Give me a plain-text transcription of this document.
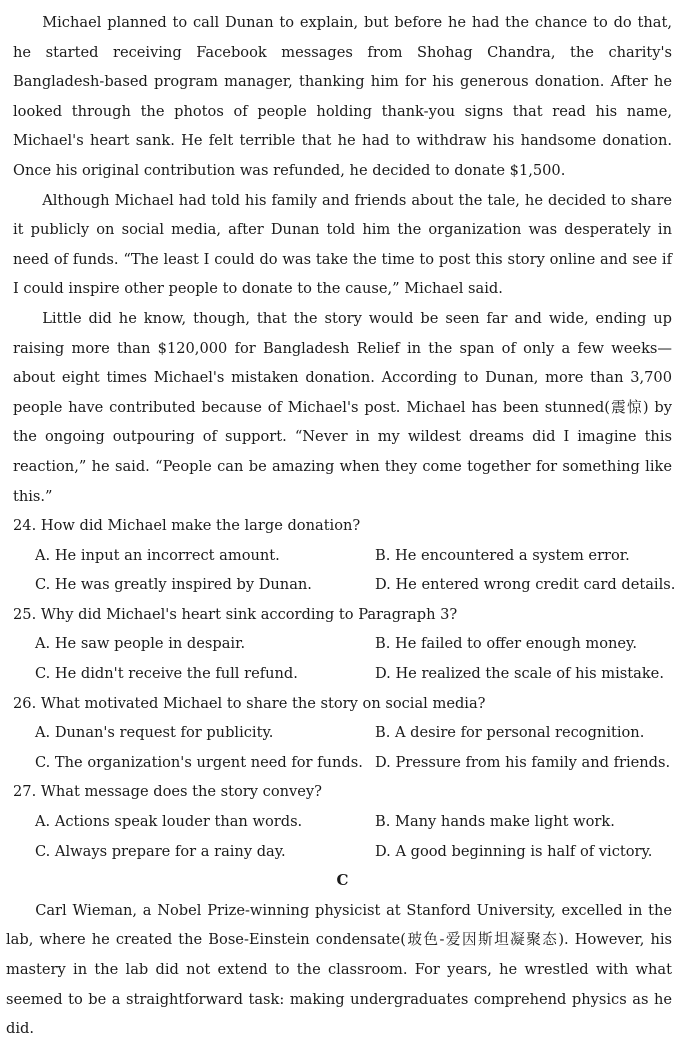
Michael planned to call Dunan to explain, but before he had the chance to do that, he started receiving Facebook messages from Shohag Chandra, the charity's Bangladesh-based program manager, thanking him for his generous donation. After he looked through the photos of people holding thank-you signs that read his name, Michael's heart sank. He felt terrible that he had to withdraw his handsome donation. Once his original contribution was refunded, he decided to donate $1,500.

Although Michael had told his family and friends about the tale, he decided to share it publicly on social media, after Dunan told him the organization was desperately in need of funds. “The least I could do was take the time to post this story online and see if I could inspire other people to donate to the cause,” Michael said.

Little did he know, though, that the story would be seen far and wide, ending up raising more than $120,000 for Bangladesh Relief in the span of only a few weeks—about eight times Michael's mistaken donation. According to Dunan, more than 3,700 people have contributed because of Michael's post. Michael has been stunned(震惊) by the ongoing outpouring of support. “Never in my wildest dreams did I imagine this reaction,” he said. “People can be amazing when they come together for something like this.”

24. How did Michael make the large donation?

A. He input an incorrect amount.	B. He encountered a system error.
C. He was greatly inspired by Dunan.	D. He entered wrong credit card details.

25. Why did Michael's heart sink according to Paragraph 3?

A. He saw people in despair.	B. He failed to offer enough money.
C. He didn't receive the full refund.	D. He realized the scale of his mistake.

26. What motivated Michael to share the story on social media?

A. Dunan's request for publicity.	B. A desire for personal recognition.
C. The organization's urgent need for funds. D. Pressure from his family and friends.

27. What message does the story convey?

A. Actions speak louder than words.	B. Many hands make light work.
C. Always prepare for a rainy day.	D. A good beginning is half of victory.

C

Carl Wieman, a Nobel Prize-winning physicist at Stanford University, excelled in the lab, where he created the Bose-Einstein condensate(玻色-爱因斯坦凝聚态). However, his mastery in the lab did not extend to the classroom. For years, he wrestled with what seemed to be a straightforward task: making undergraduates comprehend physics as he did.
